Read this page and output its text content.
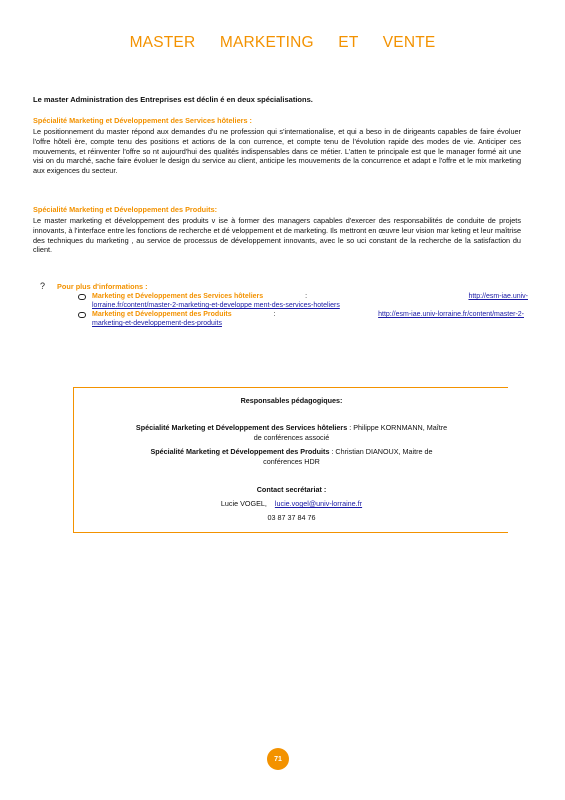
MASTER MARKETING ET VENTE
Le master Administration des Entreprises est déclin é en deux spécialisations.
Spécialité Marketing et Développement des Services hôteliers :

Le positionnement du master répond aux demandes d'u ne profession qui s'internationalise, et qui a beso in de dirigeants capables de faire évoluer l'offre hôteli ère, compte tenu des positions et actions de la con currence, et compte tenu de l'évolution rapide des modes de vie. Anticiper ces mouvements, et réinventer l'offre so nt aujourd'hui des qualités indispensables dans ce métier. L'atten te principale est que le manager formé ait une visi on du marché, sache faire évoluer le design du service au client, anticipe les mouvements de la concurrence et adapt e l'offre et le mix marketing aux exigences du secteur.

Spécialité Marketing et Développement des Produits:

Le master marketing et développement des produits v ise à former des managers capables d'exercer des responsabilités de conduite de projets innovants, à l'interface entre les fonctions de recherche et dé veloppement et de marketing. Ils mettront en œuvre leur vision mar keting et leur maîtrise des techniques du marketing , au service de processus de développement innovants, avec le so uci constant de la recherche de la satisfaction du client.

? Pour plus d'informations :
Marketing et Développement des Services hôteliers	:	http://esm-iae.univ-
lorraine.fr/content/master-2-marketing-et-developpe ment-des-services-hoteliers
Marketing et Développement des Produits	:	http://esm-iae.univ-lorraine.fr/content/master-2-
marketing-et-developpement-des-produits
Responsables pédagogiques:
Spécialité Marketing et Développement des Services hôteliers : Philippe KORNMANN, Maître
de conférences associé
Spécialité Marketing et Développement des Produits : Christian DIANOUX, Maitre de
conférences HDR
Contact secrétariat :
Lucie VOGEL, lucie.vogel@univ-lorraine.fr
03 87 37 84 76
71
